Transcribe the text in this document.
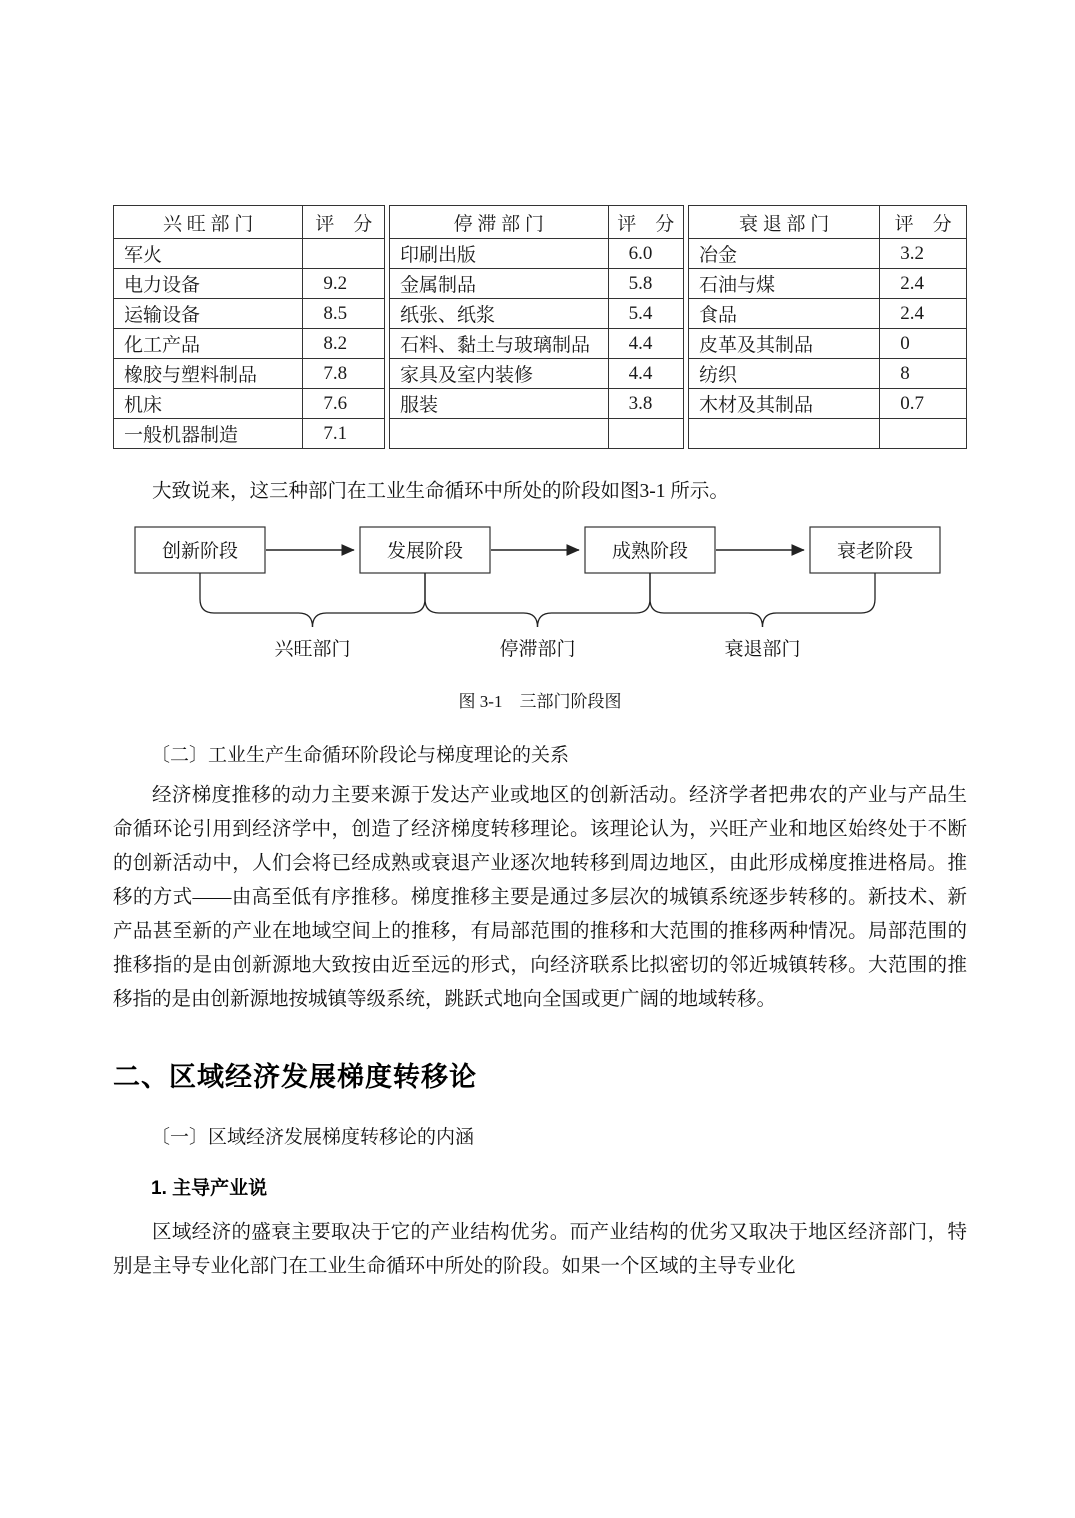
兴 旺 部 门	评　分
军火	
电力设备	9.2
运输设备	8.5
化工产品	8.2
橡胶与塑料制品	7.8
机床	7.6
一般机器制造	7.1
停 滞 部 门	评　分
印刷出版	6.0
金属制品	5.8
纸张、纸浆	5.4
石料、黏土与玻璃制品	4.4
家具及室内装修	4.4
服装	3.8

衰 退 部 门	评　分
冶金	3.2
石油与煤	2.4
食品	2.4
皮革及其制品	0
纺织	8
木材及其制品	0.7

大致说来，这三种部门在工业生命循环中所处的阶段如图3-1 所示。

创新阶段	发展阶段	成熟阶段	衰老阶段
兴旺部门	停滞部门	衰退部门

图 3-1　三部门阶段图

〔二〕工业生产生命循环阶段论与梯度理论的关系

经济梯度推移的动力主要来源于发达产业或地区的创新活动。经济学者把弗农的产业与产品生命循环论引用到经济学中，创造了经济梯度转移理论。该理论认为，兴旺产业和地区始终处于不断的创新活动中，人们会将已经成熟或衰退产业逐次地转移到周边地区，由此形成梯度推进格局。推移的方式——由高至低有序推移。梯度推移主要是通过多层次的城镇系统逐步转移的。新技术、新产品甚至新的产业在地域空间上的推移，有局部范围的推移和大范围的推移两种情况。局部范围的推移指的是由创新源地大致按由近至远的形式，向经济联系比拟密切的邻近城镇转移。大范围的推移指的是由创新源地按城镇等级系统，跳跃式地向全国或更广阔的地域转移。

二、区域经济发展梯度转移论
〔一〕区域经济发展梯度转移论的内涵
1. 主导产业说

区域经济的盛衰主要取决于它的产业结构优劣。而产业结构的优劣又取决于地区经济部门，特别是主导专业化部门在工业生命循环中所处的阶段。如果一个区域的主导专业化
